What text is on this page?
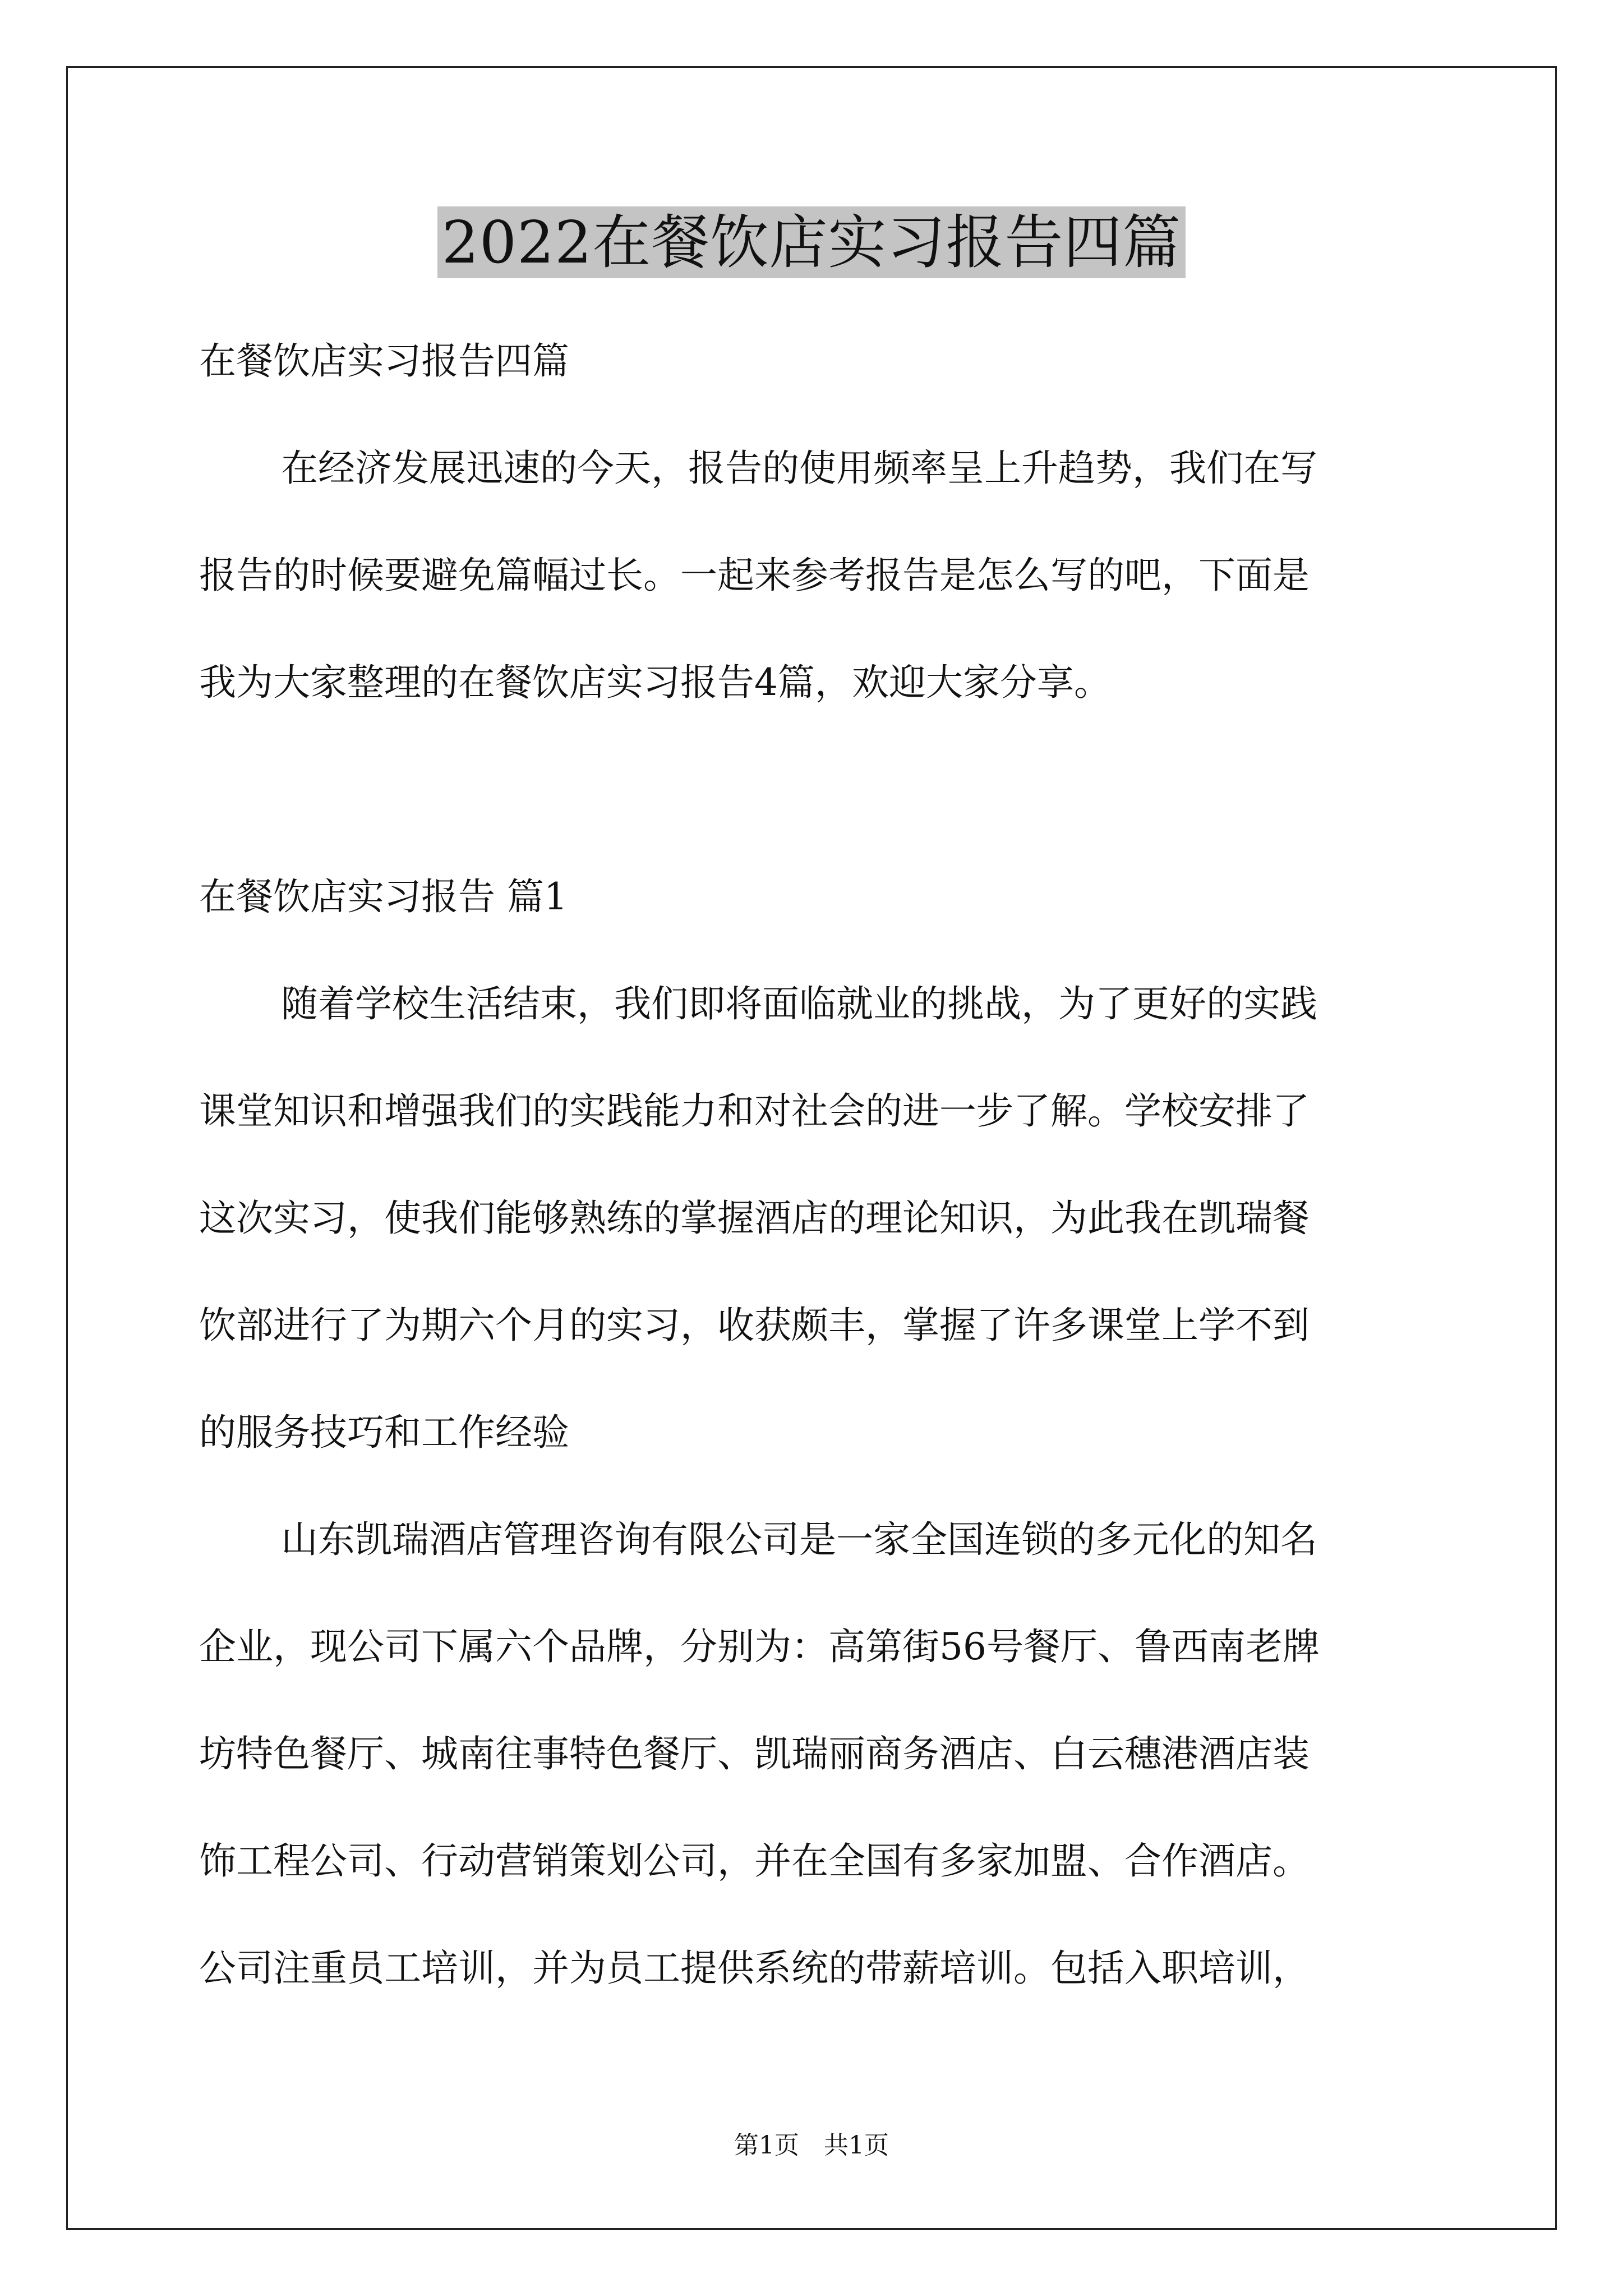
2022在餐饮店实习报告四篇
在餐饮店实习报告四篇
在经济发展迅速的今天，报告的使用频率呈上升趋势，我们在写
报告的时候要避免篇幅过长。一起来参考报告是怎么写的吧，下面是
我为大家整理的在餐饮店实习报告4篇，欢迎大家分享。
在餐饮店实习报告 篇1
随着学校生活结束，我们即将面临就业的挑战，为了更好的实践
课堂知识和增强我们的实践能力和对社会的进一步了解。学校安排了
这次实习，使我们能够熟练的掌握酒店的理论知识，为此我在凯瑞餐
饮部进行了为期六个月的实习，收获颇丰，掌握了许多课堂上学不到
的服务技巧和工作经验
山东凯瑞酒店管理咨询有限公司是一家全国连锁的多元化的知名
企业，现公司下属六个品牌，分别为：高第街56号餐厅、鲁西南老牌
坊特色餐厅、城南往事特色餐厅、凯瑞丽商务酒店、白云穗港酒店装
饰工程公司、行动营销策划公司，并在全国有多家加盟、合作酒店。
公司注重员工培训，并为员工提供系统的带薪培训。包括入职培训，
第1页　共1页
